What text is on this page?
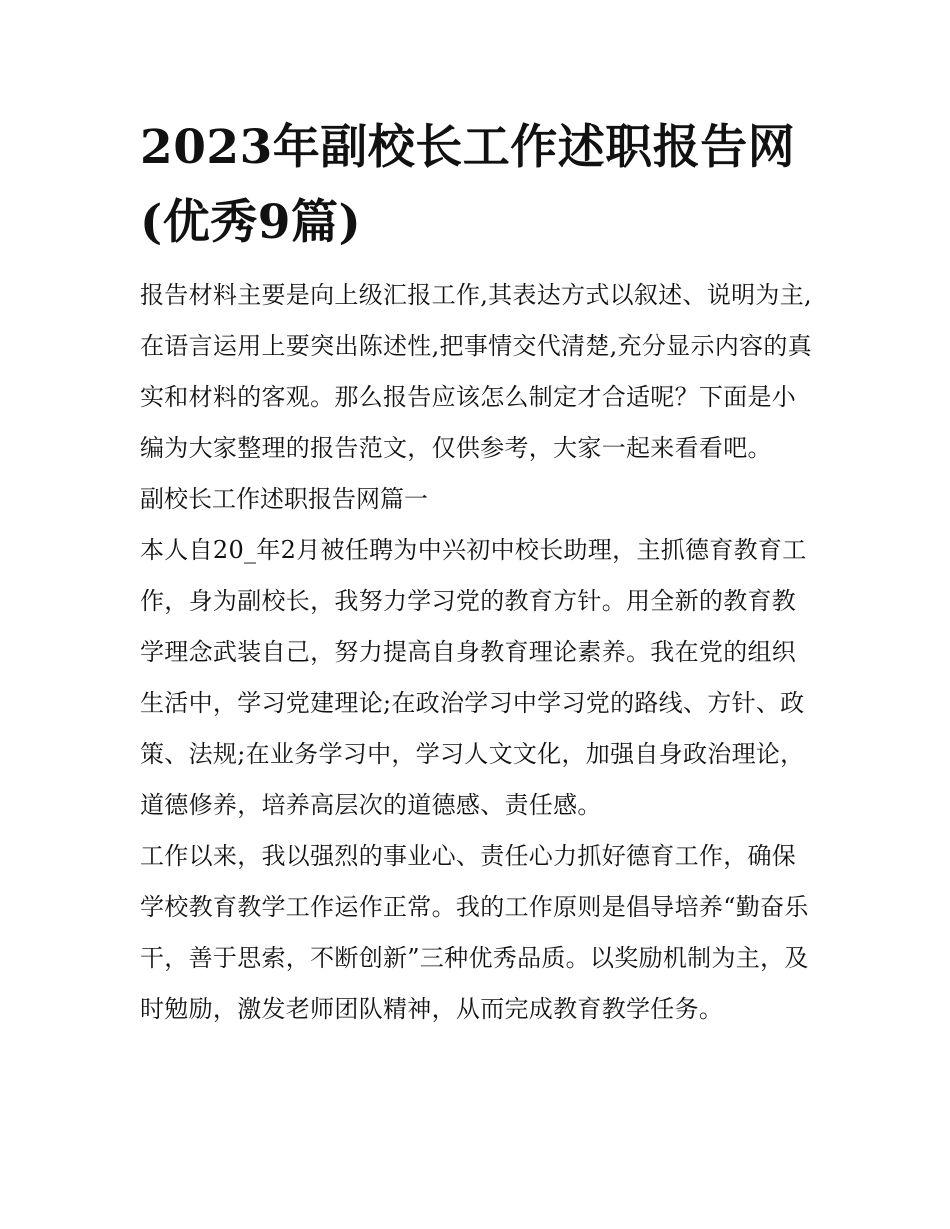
2023年副校长工作述职报告网(优秀9篇)

报告材料主要是向上级汇报工作,其表达方式以叙述、说明为主,在语言运用上要突出陈述性,把事情交代清楚,充分显示内容的真实和材料的客观。那么报告应该怎么制定才合适呢？下面是小编为大家整理的报告范文，仅供参考，大家一起来看看吧。

副校长工作述职报告网篇一

本人自20_年2月被任聘为中兴初中校长助理，主抓德育教育工作，身为副校长，我努力学习党的教育方针。用全新的教育教学理念武装自己，努力提高自身教育理论素养。我在党的组织生活中，学习党建理论;在政治学习中学习党的路线、方针、政策、法规;在业务学习中，学习人文文化，加强自身政治理论，道德修养，培养高层次的道德感、责任感。

工作以来，我以强烈的事业心、责任心力抓好德育工作，确保学校教育教学工作运作正常。我的工作原则是倡导培养“勤奋乐干，善于思索，不断创新”三种优秀品质。以奖励机制为主，及时勉励，激发老师团队精神，从而完成教育教学任务。
